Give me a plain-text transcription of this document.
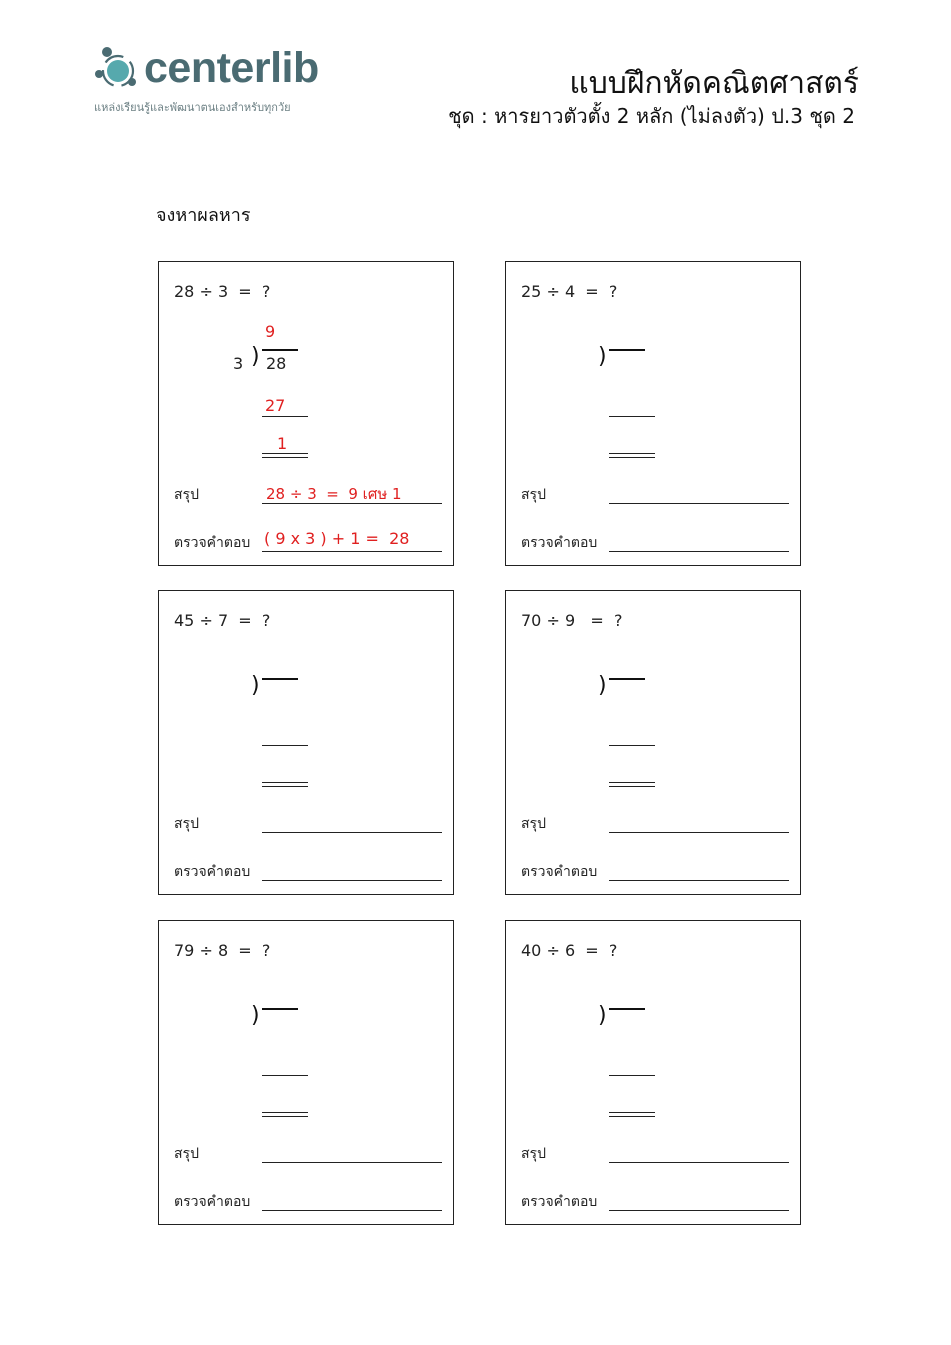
centerlib
แหล่งเรียนรู้และพัฒนาตนเองสำหรับทุกวัย
แบบฝึกหัดคณิตศาสตร์
ชุด : หารยาวตัวตั้ง 2 หลัก (ไม่ลงตัว) ป.3 ชุด 2
จงหาผลหาร
28 ÷ 3  =  ?
9
3 ) 28
27
1
สรุป	28 ÷ 3  =  9 เศษ 1
ตรวจคำตอบ ( 9 x 3 ) + 1 =  28
25 ÷ 4  =  ?
)
สรุป
ตรวจคำตอบ
45 ÷ 7  =  ?
)
สรุป
ตรวจคำตอบ
70 ÷ 9   =  ?
)
สรุป
ตรวจคำตอบ
79 ÷ 8  =  ?
)
สรุป
ตรวจคำตอบ
40 ÷ 6  =  ?
)
สรุป
ตรวจคำตอบ
